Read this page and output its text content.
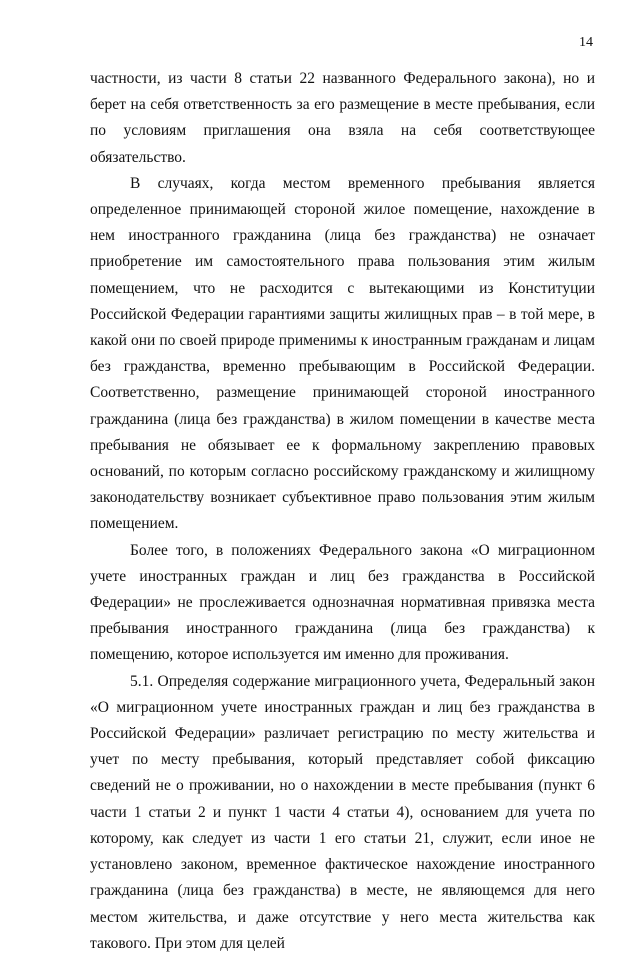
14

частности, из части 8 статьи 22 названного Федерального закона), но и берет на себя ответственность за его размещение в месте пребывания, если по условиям приглашения она взяла на себя соответствующее обязательство.

В случаях, когда местом временного пребывания является определенное принимающей стороной жилое помещение, нахождение в нем иностранного гражданина (лица без гражданства) не означает приобретение им самостоятельного права пользования этим жилым помещением, что не расходится с вытекающими из Конституции Российской Федерации гарантиями защиты жилищных прав – в той мере, в какой они по своей природе применимы к иностранным гражданам и лицам без гражданства, временно пребывающим в Российской Федерации. Соответственно, размещение принимающей стороной иностранного гражданина (лица без гражданства) в жилом помещении в качестве места пребывания не обязывает ее к формальному закреплению правовых оснований, по которым согласно российскому гражданскому и жилищному законодательству возникает субъективное право пользования этим жилым помещением.

Более того, в положениях Федерального закона «О миграционном учете иностранных граждан и лиц без гражданства в Российской Федерации» не прослеживается однозначная нормативная привязка места пребывания иностранного гражданина (лица без гражданства) к помещению, которое используется им именно для проживания.

5.1. Определяя содержание миграционного учета, Федеральный закон «О миграционном учете иностранных граждан и лиц без гражданства в Российской Федерации» различает регистрацию по месту жительства и учет по месту пребывания, который представляет собой фиксацию сведений не о проживании, но о нахождении в месте пребывания (пункт 6 части 1 статьи 2 и пункт 1 части 4 статьи 4), основанием для учета по которому, как следует из части 1 его статьи 21, служит, если иное не установлено законом, временное фактическое нахождение иностранного гражданина (лица без гражданства) в месте, не являющемся для него местом жительства, и даже отсутствие у него места жительства как такового. При этом для целей
